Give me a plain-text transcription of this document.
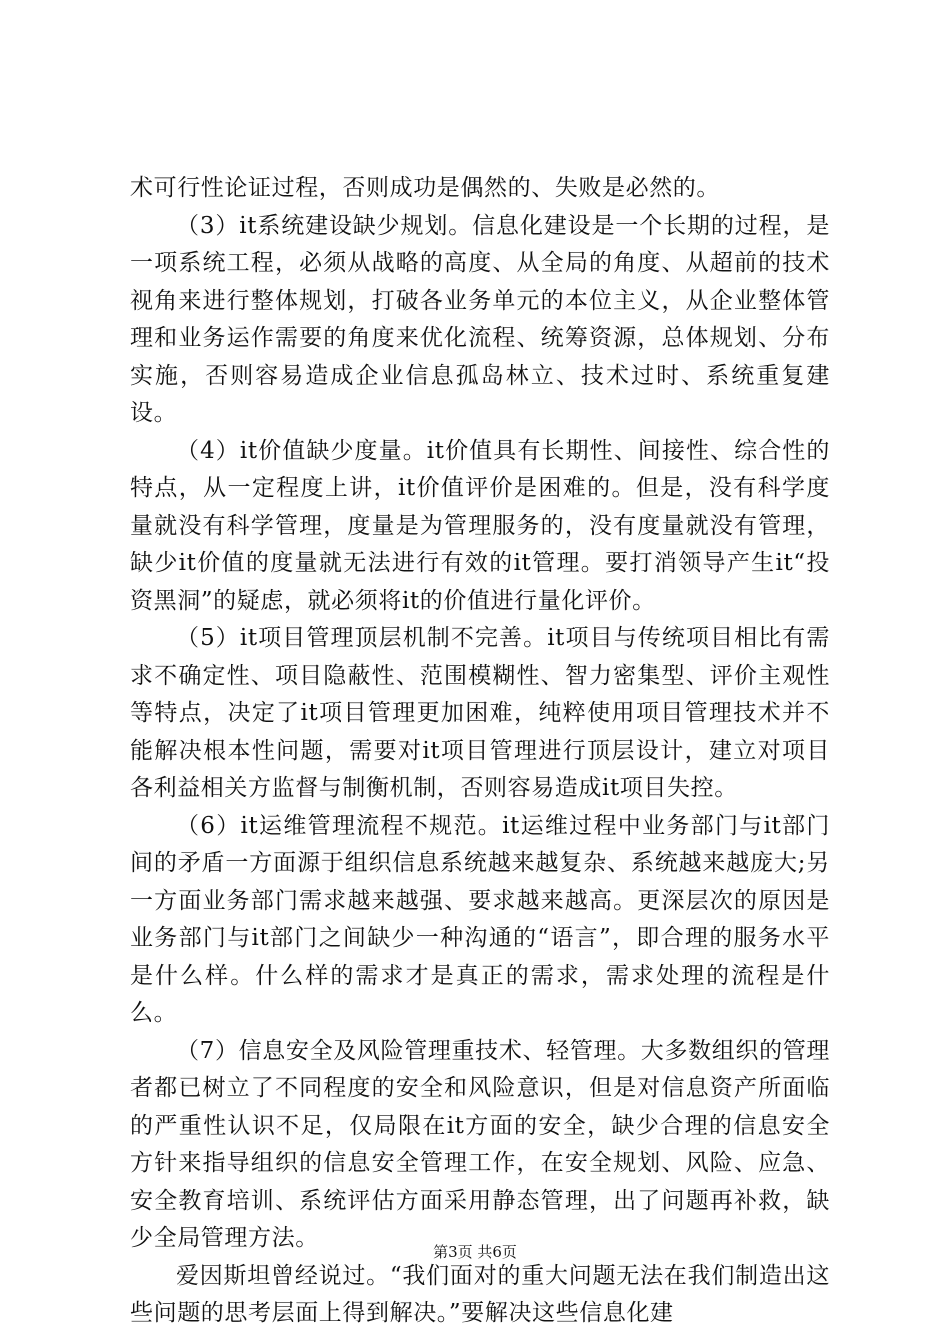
术可行性论证过程，否则成功是偶然的、失败是必然的。

（3）it系统建设缺少规划。信息化建设是一个长期的过程，是一项系统工程，必须从战略的高度、从全局的角度、从超前的技术视角来进行整体规划，打破各业务单元的本位主义，从企业整体管理和业务运作需要的角度来优化流程、统筹资源，总体规划、分布实施，否则容易造成企业信息孤岛林立、技术过时、系统重复建设。

（4）it价值缺少度量。it价值具有长期性、间接性、综合性的特点，从一定程度上讲，it价值评价是困难的。但是，没有科学度量就没有科学管理，度量是为管理服务的，没有度量就没有管理，缺少it价值的度量就无法进行有效的it管理。要打消领导产生it“投资黑洞”的疑虑，就必须将it的价值进行量化评价。

（5）it项目管理顶层机制不完善。it项目与传统项目相比有需求不确定性、项目隐蔽性、范围模糊性、智力密集型、评价主观性等特点，决定了it项目管理更加困难，纯粹使用项目管理技术并不能解决根本性问题，需要对it项目管理进行顶层设计，建立对项目各利益相关方监督与制衡机制，否则容易造成it项目失控。

（6）it运维管理流程不规范。it运维过程中业务部门与it部门间的矛盾一方面源于组织信息系统越来越复杂、系统越来越庞大;另一方面业务部门需求越来越强、要求越来越高。更深层次的原因是业务部门与it部门之间缺少一种沟通的“语言”，即合理的服务水平是什么样。什么样的需求才是真正的需求，需求处理的流程是什么。

（7）信息安全及风险管理重技术、轻管理。大多数组织的管理者都已树立了不同程度的安全和风险意识，但是对信息资产所面临的严重性认识不足，仅局限在it方面的安全，缺少合理的信息安全方针来指导组织的信息安全管理工作，在安全规划、风险、应急、安全教育培训、系统评估方面采用静态管理，出了问题再补救，缺少全局管理方法。

爱因斯坦曾经说过。“我们面对的重大问题无法在我们制造出这些问题的思考层面上得到解决。”要解决这些信息化建

第3页 共6页
